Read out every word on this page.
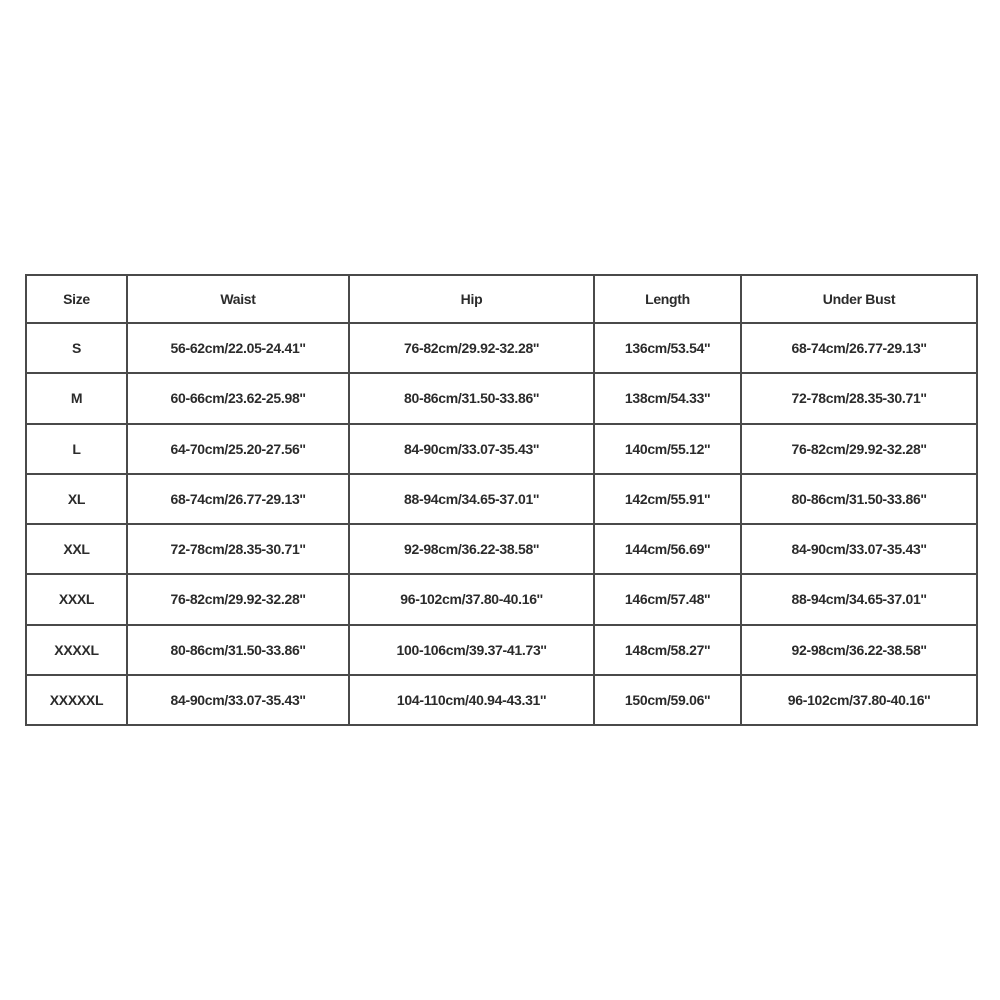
Size	Waist	Hip	Length	Under Bust
S	56-62cm/22.05-24.41''	76-82cm/29.92-32.28''	136cm/53.54''	68-74cm/26.77-29.13''
M	60-66cm/23.62-25.98''	80-86cm/31.50-33.86''	138cm/54.33''	72-78cm/28.35-30.71''
L	64-70cm/25.20-27.56''	84-90cm/33.07-35.43''	140cm/55.12''	76-82cm/29.92-32.28''
XL	68-74cm/26.77-29.13''	88-94cm/34.65-37.01''	142cm/55.91''	80-86cm/31.50-33.86''
XXL	72-78cm/28.35-30.71''	92-98cm/36.22-38.58''	144cm/56.69''	84-90cm/33.07-35.43''
XXXL	76-82cm/29.92-32.28''	96-102cm/37.80-40.16''	146cm/57.48''	88-94cm/34.65-37.01''
XXXXL	80-86cm/31.50-33.86''	100-106cm/39.37-41.73''	148cm/58.27''	92-98cm/36.22-38.58''
XXXXXL	84-90cm/33.07-35.43''	104-110cm/40.94-43.31''	150cm/59.06''	96-102cm/37.80-40.16''
